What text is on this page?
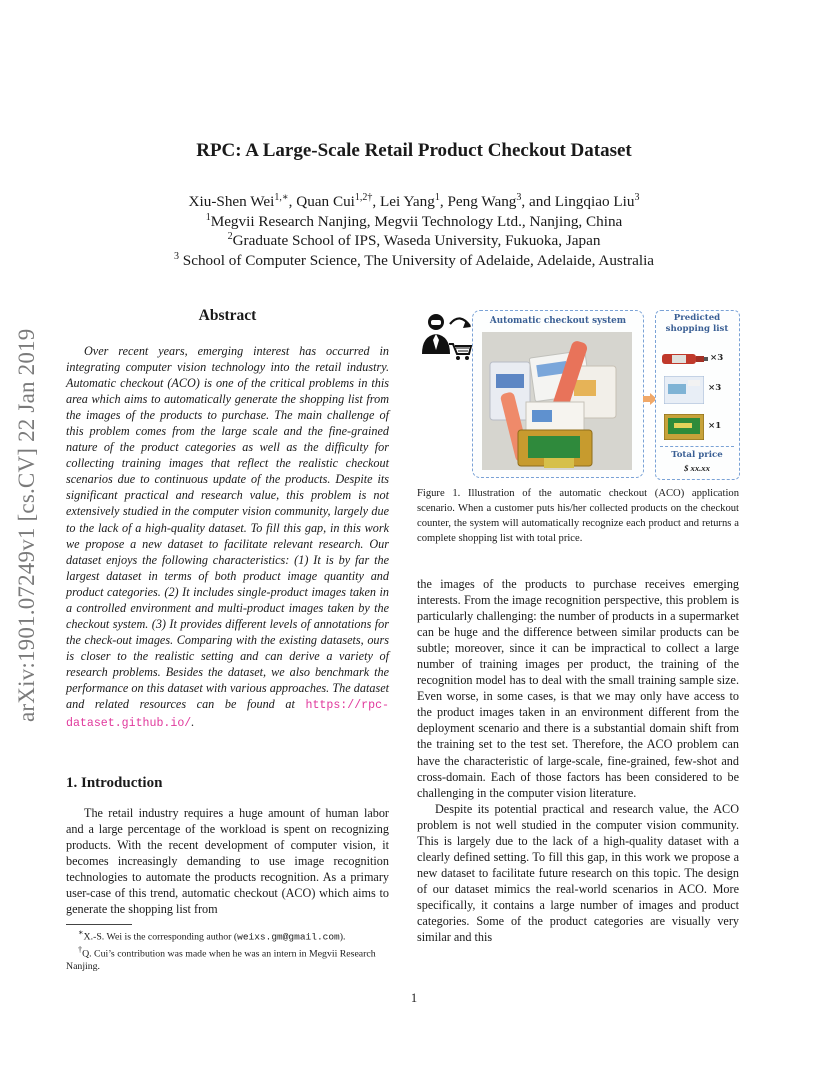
arXiv:1901.07249v1 [cs.CV] 22 Jan 2019
RPC: A Large-Scale Retail Product Checkout Dataset
Xiu-Shen Wei$^{1,∗}$, Quan Cui$^{1,2\dagger}$, Lei Yang$^1$, Peng Wang$^3$, and Lingqiao Liu$^3$
$^1$Megvii Research Nanjing, Megvii Technology Ltd., Nanjing, China
$^2$Graduate School of IPS, Waseda University, Fukuoka, Japan
$^3$ School of Computer Science, The University of Adelaide, Adelaide, Australia
Abstract
Over recent years, emerging interest has occurred in integrating computer vision technology into the retail industry. Automatic checkout (ACO) is one of the critical problems in this area which aims to automatically generate the shopping list from the images of the products to purchase. The main challenge of this problem comes from the large scale and the fine-grained nature of the product categories as well as the difficulty for collecting training images that reflect the realistic checkout scenarios due to continuous update of the products. Despite its significant practical and research value, this problem is not extensively studied in the computer vision community, largely due to the lack of a high-quality dataset. To fill this gap, in this work we propose a new dataset to facilitate relevant research. Our dataset enjoys the following characteristics: (1) It is by far the largest dataset in terms of both product image quantity and product categories. (2) It includes single-product images taken in a controlled environment and multi-product images taken by the checkout system. (3) It provides different levels of annotations for the check-out images. Comparing with the existing datasets, ours is closer to the realistic setting and can derive a variety of research problems. Besides the dataset, we also benchmark the performance on this dataset with various approaches. The dataset and related resources can be found at https://rpc-dataset.github.io/.
1. Introduction
The retail industry requires a huge amount of human labor and a large percentage of the workload is spent on recognizing products. With the recent development of computer vision, it becomes increasingly demanding to use image recognition technologies to automate the products recognition. As a primary user-case of this trend, automatic checkout (ACO) which aims to generate the shopping list from

∗X.-S. Wei is the corresponding author (weixs.gm@gmail.com).

†Q. Cui’s contribution was made when he was an intern in Megvii Research Nanjing.

Automatic checkout system	Predicted shopping list
×3
×3
×1
Total price
$ xx.xx
Figure 1. Illustration of the automatic checkout (ACO) application scenario. When a customer puts his/her collected products on the checkout counter, the system will automatically recognize each product and returns a complete shopping list with total price.

the images of the products to purchase receives emerging interests. From the image recognition perspective, this problem is particularly challenging: the number of products in a supermarket can be huge and the difference between similar products can be subtle; moreover, since it can be impractical to collect a large number of training images per product, the training of the recognition model has to deal with the small training sample size. Even worse, in some cases, is that we may only have access to the product images taken in an environment different from the deployment scenario and there is a substantial domain shift from the training set to the test set. Therefore, the ACO problem can have the characteristic of large-scale, fine-grained, few-shot and cross-domain. Each of those factors has been considered to be challenging in the computer vision literature.

Despite its potential practical and research value, the ACO problem is not well studied in the computer vision community. This is largely due to the lack of a high-quality dataset with a clearly defined setting. To fill this gap, in this work we propose a new dataset to facilitate future research on this topic. The design of our dataset mimics the real-world scenarios in ACO. More specifically, it contains a large number of images and product categories. Some of the product categories are visually very similar and this

1
